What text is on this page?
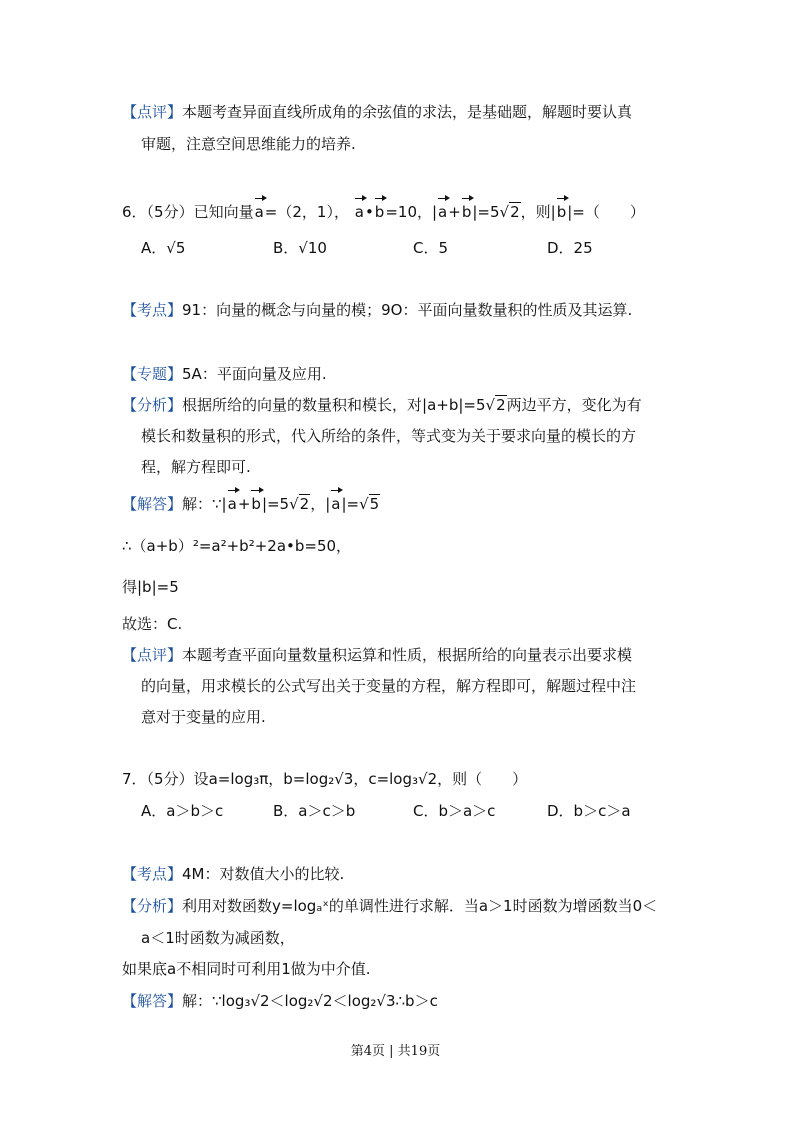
【点评】本题考查异面直线所成角的余弦值的求法，是基础题，解题时要认真
审题，注意空间思维能力的培养.
6．（5分）已知向量a=（2，1）， a•b=10，|a+b|=5√2，则|b|=（　　）
A．√5	B．√10	C．5	D．25
【考点】91：向量的概念与向量的模；9O：平面向量数量积的性质及其运算.
【专题】5A：平面向量及应用.
【分析】根据所给的向量的数量积和模长，对|a+b|=5√2两边平方，变化为有
模长和数量积的形式，代入所给的条件，等式变为关于要求向量的模长的方
程，解方程即可.
【解答】解：∵|a+b|=5√2，|a|=√5
∴（a+b）²=a²+b²+2a•b=50，
得|b|=5
故选：C.
【点评】本题考查平面向量数量积运算和性质，根据所给的向量表示出要求模
的向量，用求模长的公式写出关于变量的方程，解方程即可，解题过程中注
意对于变量的应用.
7．（5分）设a=log₃π，b=log₂√3，c=log₃√2，则（　　）
A．a＞b＞c	B．a＞c＞b	C．b＞a＞c	D．b＞c＞a
【考点】4M：对数值大小的比较.
【分析】利用对数函数y=logₐˣ的单调性进行求解．当a＞1时函数为增函数当0＜
a＜1时函数为减函数，
如果底a不相同时可利用1做为中介值.
【解答】解：∵log₃√2＜log₂√2＜log₂√3∴b＞c
第4页 | 共19页
